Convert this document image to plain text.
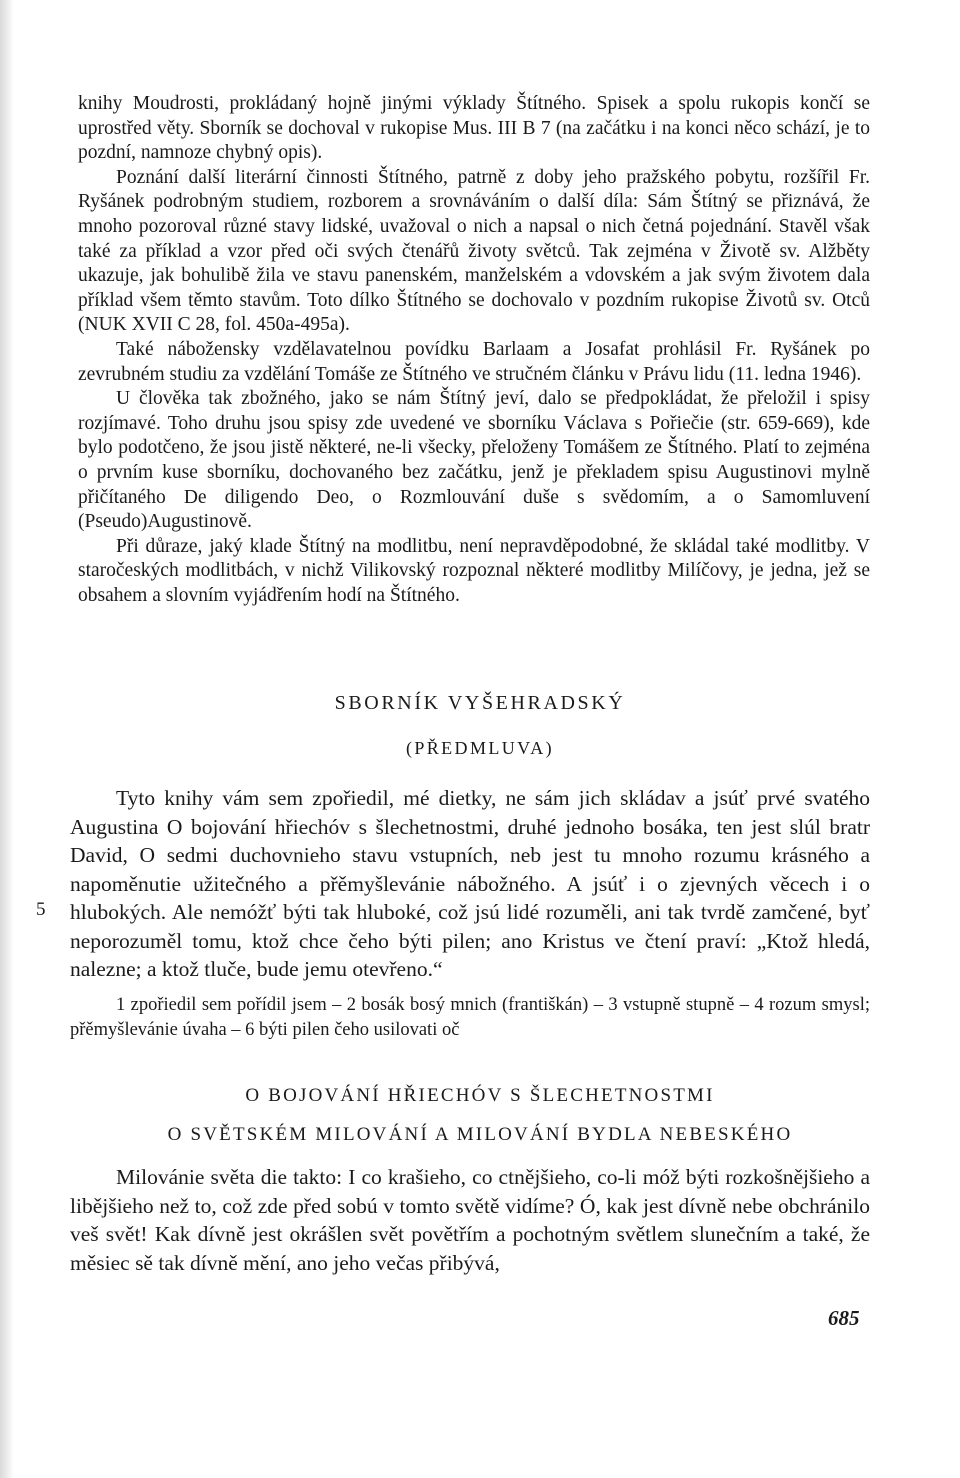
knihy Moudrosti, prokládaný hojně jinými výklady Štítného. Spisek a spolu rukopis končí se uprostřed věty. Sborník se dochoval v rukopise Mus. III B 7 (na začátku i na konci něco schází, je to pozdní, namnoze chybný opis).

Poznání další literární činnosti Štítného, patrně z doby jeho pražského pobytu, rozšířil Fr. Ryšánek podrobným studiem, rozborem a srovnáváním o další díla: Sám Štítný se přiznává, že mnoho pozoroval různé stavy lidské, uvažoval o nich a napsal o nich četná pojednání. Stavěl však také za příklad a vzor před oči svých čtenářů životy světců. Tak zejména v Životě sv. Alžběty ukazuje, jak bohulibě žila ve stavu panenském, manželském a vdovském a jak svým životem dala příklad všem těmto stavům. Toto dílko Štítného se dochovalo v pozdním rukopise Životů sv. Otců (NUK XVII C 28, fol. 450a-495a).

Také nábožensky vzdělavatelnou povídku Barlaam a Josafat prohlásil Fr. Ryšánek po zevrubném studiu za vzdělání Tomáše ze Štítného ve stručném článku v Právu lidu (11. ledna 1946).

U člověka tak zbožného, jako se nám Štítný jeví, dalo se předpokládat, že přeložil i spisy rozjímavé. Toho druhu jsou spisy zde uvedené ve sborníku Václava s Pořiečie (str. 659-669), kde bylo podotčeno, že jsou jistě některé, ne-li všecky, přeloženy Tomášem ze Štítného. Platí to zejména o prvním kuse sborníku, dochovaného bez začátku, jenž je překladem spisu Augustinovi mylně přičítaného De diligendo Deo, o Rozmlouvání duše s svědomím, a o Samomluvení (Pseudo)Augustinově.

Při důraze, jaký klade Štítný na modlitbu, není nepravděpodobné, že skládal také modlitby. V staročeských modlitbách, v nichž Vilikovský rozpoznal některé modlitby Milíčovy, je jedna, jež se obsahem a slovním vyjádřením hodí na Štítného.

SBORNÍK VYŠEHRADSKÝ
(PŘEDMLUVA)

Tyto knihy vám sem zpořiedil, mé dietky, ne sám jich skládav a jsúť prvé svatého Augustina O bojování hřiechóv s šlechetnostmi, druhé jednoho bosáka, ten jest slúl bratr David, O sedmi duchovnieho stavu vstupních, neb jest tu mnoho rozumu krásného a napoměnutie užitečného a přěmyšlevánie nábožného. A jsúť i o zjevných věcech i o hlubokých. Ale nemóžť býti tak hluboké, což jsú lidé rozuměli, ani tak tvrdě zamčené, byť neporozuměl tomu, ktož chce čeho býti pilen; ano Kristus ve čtení praví: „Ktož hledá, nalezne; a ktož tluče, bude jemu otevřeno.“

5

1 zpořiedil sem pořídil jsem – 2 bosák bosý mnich (františkán) – 3 vstupně stupně – 4 rozum smysl; přěmyšlevánie úvaha – 6 býti pilen čeho usilovati oč

O BOJOVÁNÍ HŘIECHÓV S ŠLECHETNOSTMI
O SVĚTSKÉM MILOVÁNÍ A MILOVÁNÍ BYDLA NEBESKÉHO

Milovánie světa die takto: I co krašieho, co ctnějšieho, co-li móž býti rozkošnějšieho a libějšieho než to, což zde před sobú v tomto světě vidíme? Ó, kak jest dívně nebe obchránilo veš svět! Kak dívně jest okrášlen svět povětřím a pochotným světlem slunečním a také, že měsiec sě tak dívně mění, ano jeho večas přibývá,

685
